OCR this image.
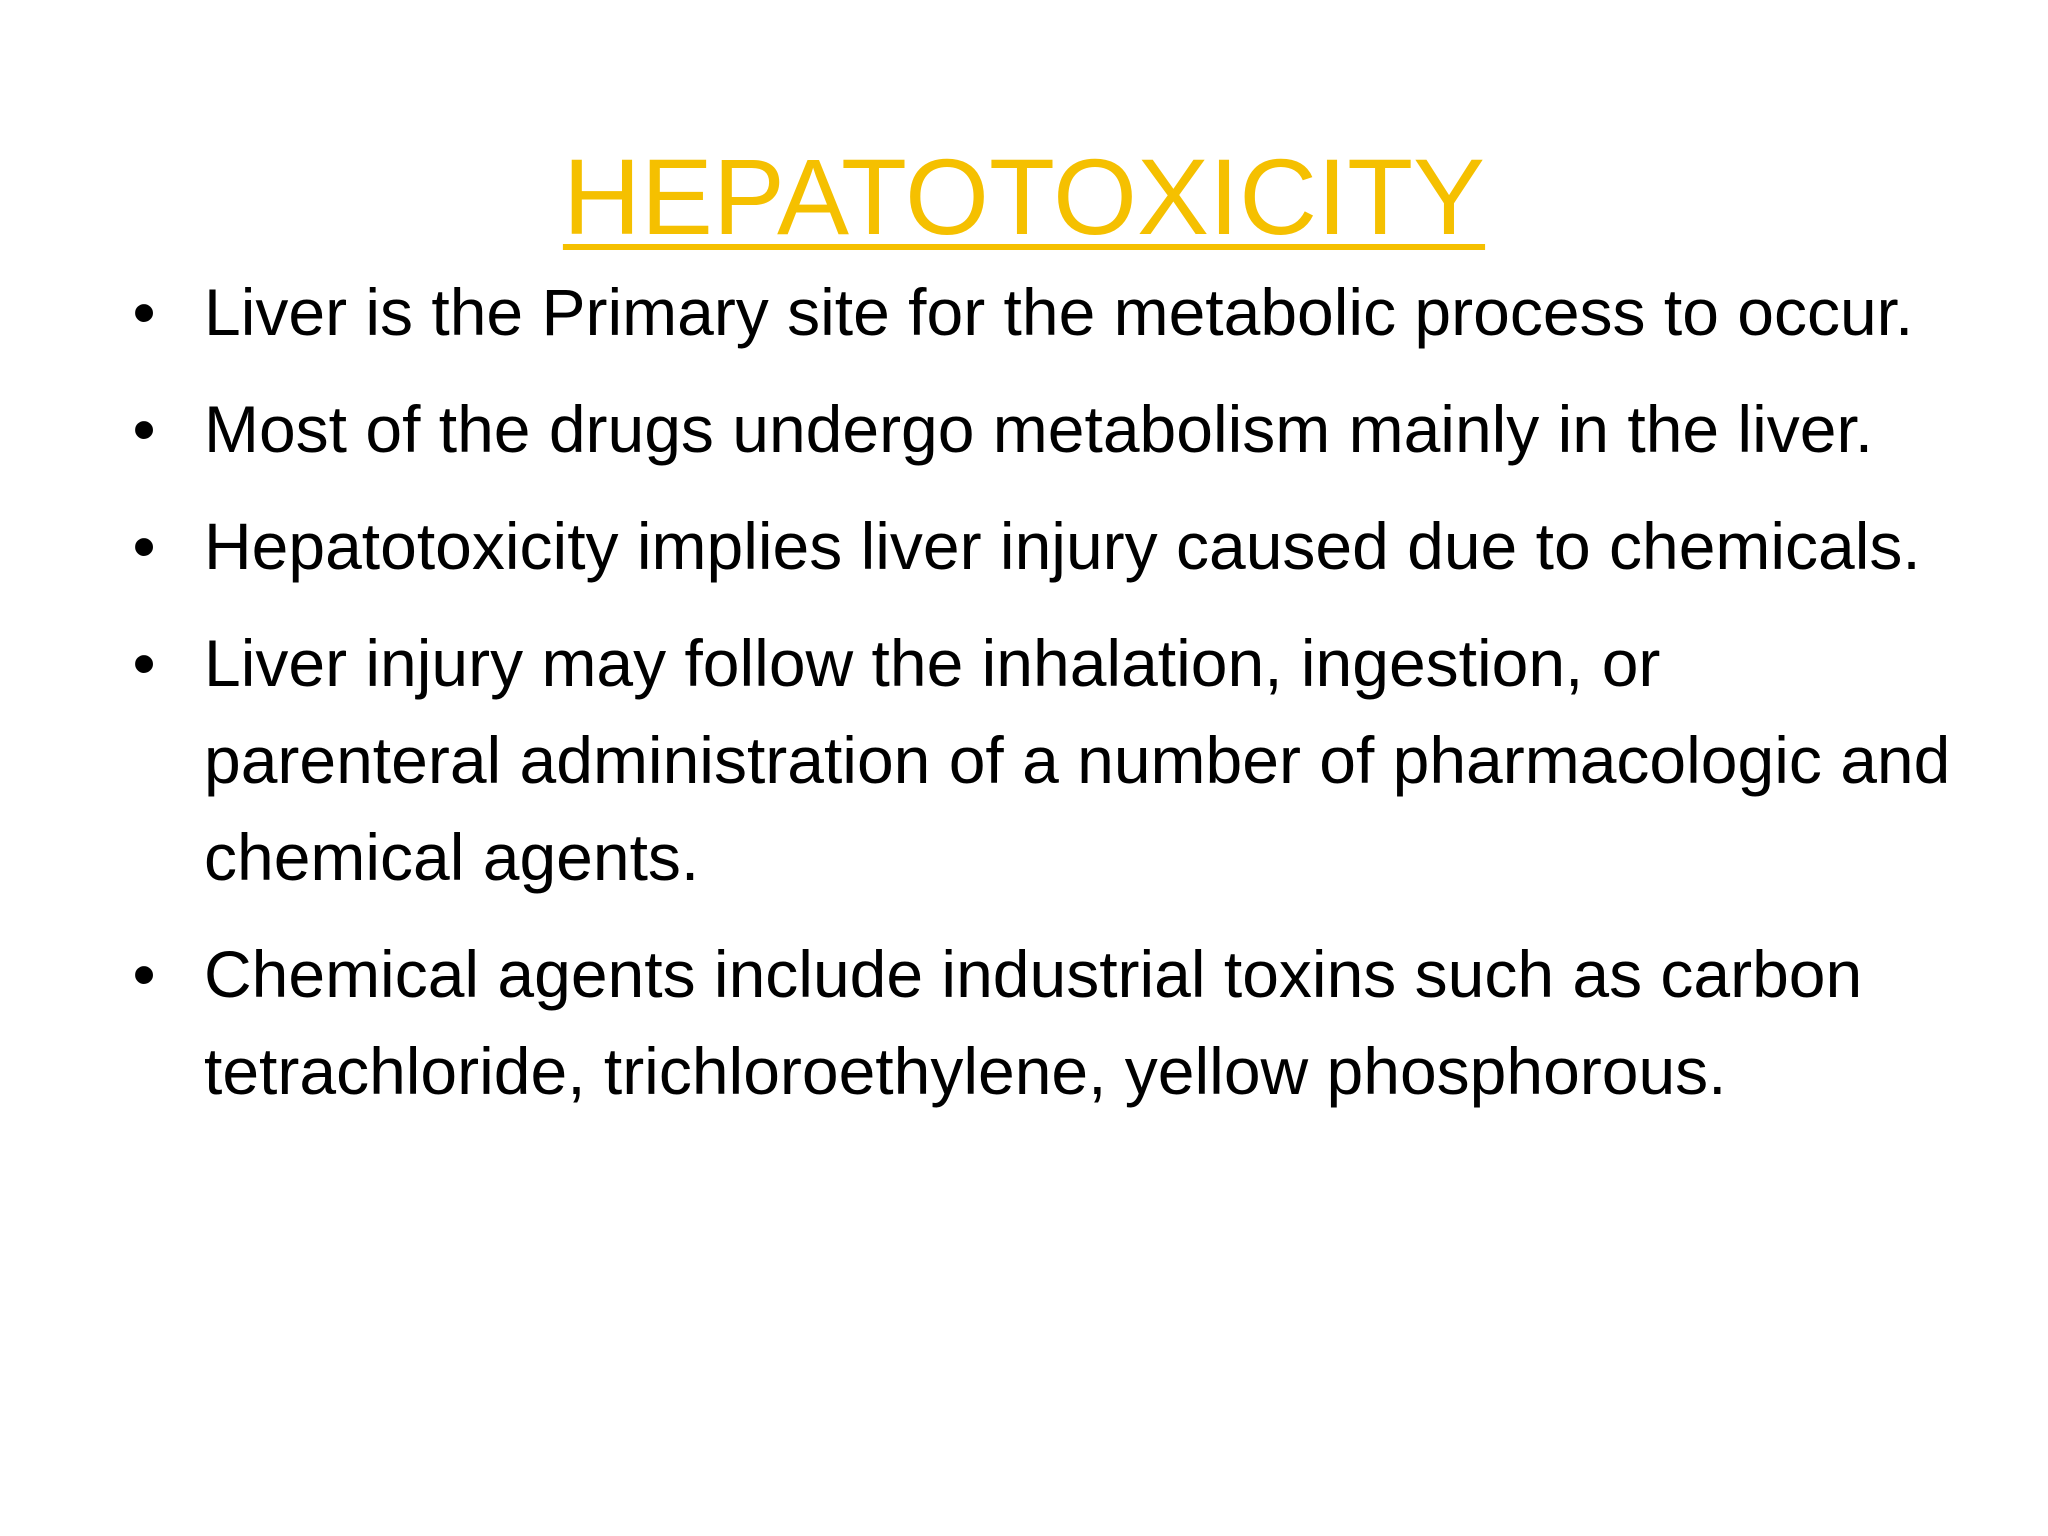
HEPATOTOXICITY
• Liver is the Primary site for the metabolic process to occur.
• Most of the drugs undergo metabolism mainly in the liver.
• Hepatotoxicity implies liver injury caused due to chemicals.
• Liver injury may follow the inhalation, ingestion, or parenteral administration of a number of pharmacologic and chemical agents.
• Chemical agents include industrial toxins such as carbon tetrachloride, trichloroethylene, yellow phosphorous.
